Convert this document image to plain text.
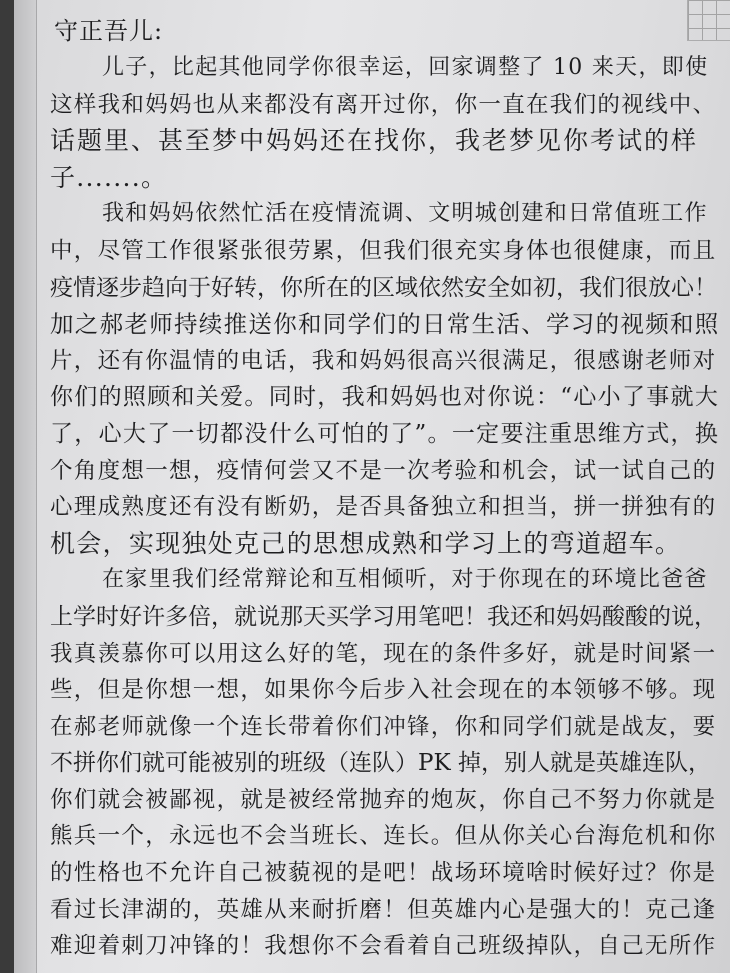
守正吾儿:
儿子，比起其他同学你很幸运，回家调整了 10 来天，即使
这样我和妈妈也从来都没有离开过你，你一直在我们的视线中、
话题里、甚至梦中妈妈还在找你，我老梦见你考试的样
子.......。
我和妈妈依然忙活在疫情流调、文明城创建和日常值班工作
中，尽管工作很紧张很劳累，但我们很充实身体也很健康，而且
疫情逐步趋向于好转，你所在的区域依然安全如初，我们很放心！
加之郝老师持续推送你和同学们的日常生活、学习的视频和照
片，还有你温情的电话，我和妈妈很高兴很满足，很感谢老师对
你们的照顾和关爱。同时，我和妈妈也对你说：“心小了事就大
了，心大了一切都没什么可怕的了”。一定要注重思维方式，换
个角度想一想，疫情何尝又不是一次考验和机会，试一试自己的
心理成熟度还有没有断奶，是否具备独立和担当，拼一拼独有的
机会，实现独处克己的思想成熟和学习上的弯道超车。
在家里我们经常辩论和互相倾听，对于你现在的环境比爸爸
上学时好许多倍，就说那天买学习用笔吧！我还和妈妈酸酸的说，
我真羡慕你可以用这么好的笔，现在的条件多好，就是时间紧一
些，但是你想一想，如果你今后步入社会现在的本领够不够。现
在郝老师就像一个连长带着你们冲锋，你和同学们就是战友，要
不拼你们就可能被别的班级（连队）PK 掉，别人就是英雄连队，
你们就会被鄙视，就是被经常抛弃的炮灰，你自己不努力你就是
熊兵一个，永远也不会当班长、连长。但从你关心台海危机和你
的性格也不允许自己被藐视的是吧！战场环境啥时候好过？你是
看过长津湖的，英雄从来耐折磨！但英雄内心是强大的！克己逢
难迎着刺刀冲锋的！我想你不会看着自己班级掉队，自己无所作
